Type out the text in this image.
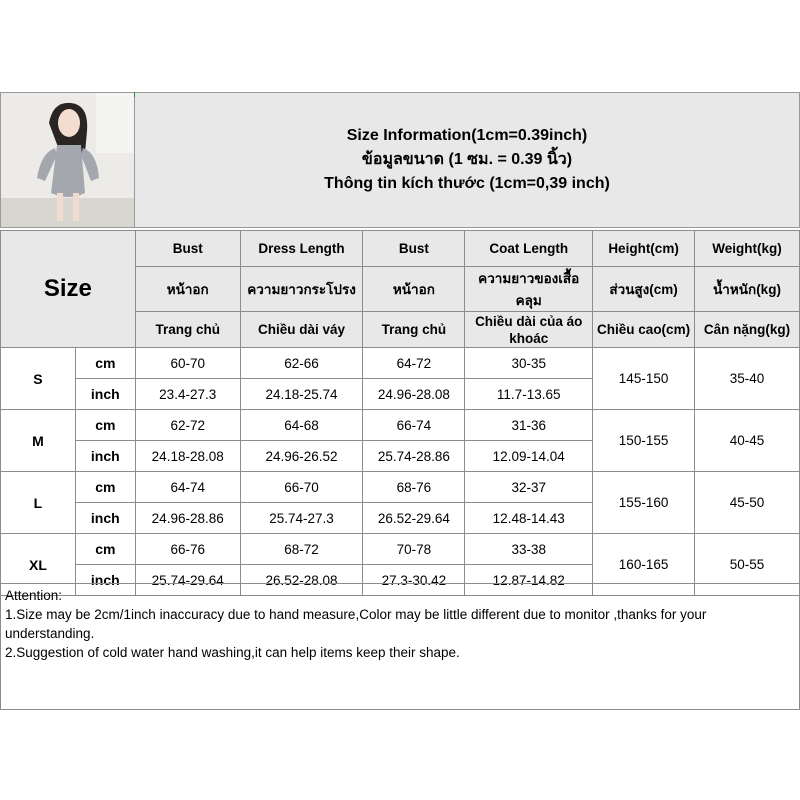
Size Information(1cm=0.39inch)
ข้อมูลขนาด (1 ซม. = 0.39 นิ้ว)
Thông tin kích thước (1cm=0,39 inch)
Size		Bust	Dress Length	Bust	Coat Length	Height(cm)	Weight(kg)
		หน้าอก	ความยาวกระโปรง	หน้าอก	ความยาวของเสื้อคลุม	ส่วนสูง(cm)	น้ำหนัก(kg)
		Trang chủ	Chiều dài váy	Trang chủ	Chiều dài của áo khoác	Chiều cao(cm)	Cân nặng(kg)
S	cm	60-70	62-66	64-72	30-35	145-150	35-40
	inch	23.4-27.3	24.18-25.74	24.96-28.08	11.7-13.65		
M	cm	62-72	64-68	66-74	31-36	150-155	40-45
	inch	24.18-28.08	24.96-26.52	25.74-28.86	12.09-14.04		
L	cm	64-74	66-70	68-76	32-37	155-160	45-50
	inch	24.96-28.86	25.74-27.3	26.52-29.64	12.48-14.43		
XL	cm	66-76	68-72	70-78	33-38	160-165	50-55
	inch	25.74-29.64	26.52-28.08	27.3-30.42	12.87-14.82		
Attention:
1.Size may be 2cm/1inch inaccuracy due to hand measure,Color may be little different due to monitor ,thanks for your understanding.
2.Suggestion of cold water hand washing,it can help items keep their shape.
